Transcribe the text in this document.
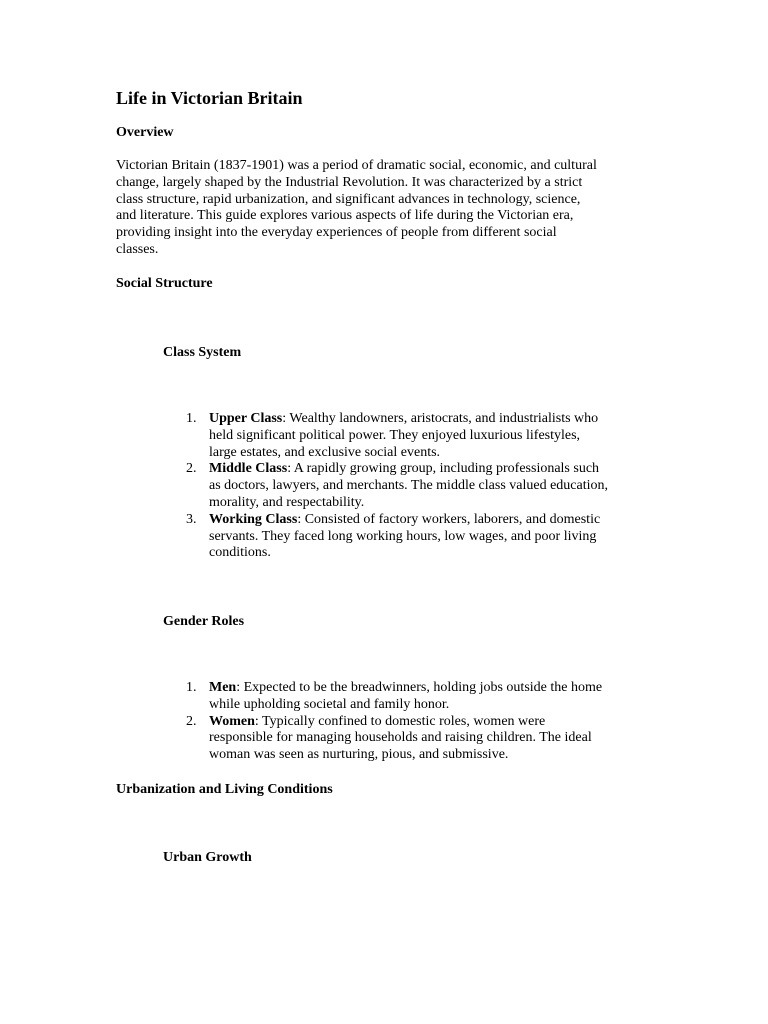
Life in Victorian Britain
Overview

Victorian Britain (1837-1901) was a period of dramatic social, economic, and cultural
change, largely shaped by the Industrial Revolution. It was characterized by a strict
class structure, rapid urbanization, and significant advances in technology, science,
and literature. This guide explores various aspects of life during the Victorian era,
providing insight into the everyday experiences of people from different social
classes.

Social Structure
Class System
1. Upper Class: Wealthy landowners, aristocrats, and industrialists who
held significant political power. They enjoyed luxurious lifestyles,
large estates, and exclusive social events.
2. Middle Class: A rapidly growing group, including professionals such
as doctors, lawyers, and merchants. The middle class valued education,
morality, and respectability.
3. Working Class: Consisted of factory workers, laborers, and domestic
servants. They faced long working hours, low wages, and poor living
conditions.
Gender Roles
1. Men: Expected to be the breadwinners, holding jobs outside the home
while upholding societal and family honor.
2. Women: Typically confined to domestic roles, women were
responsible for managing households and raising children. The ideal
woman was seen as nurturing, pious, and submissive.
Urbanization and Living Conditions
Urban Growth
